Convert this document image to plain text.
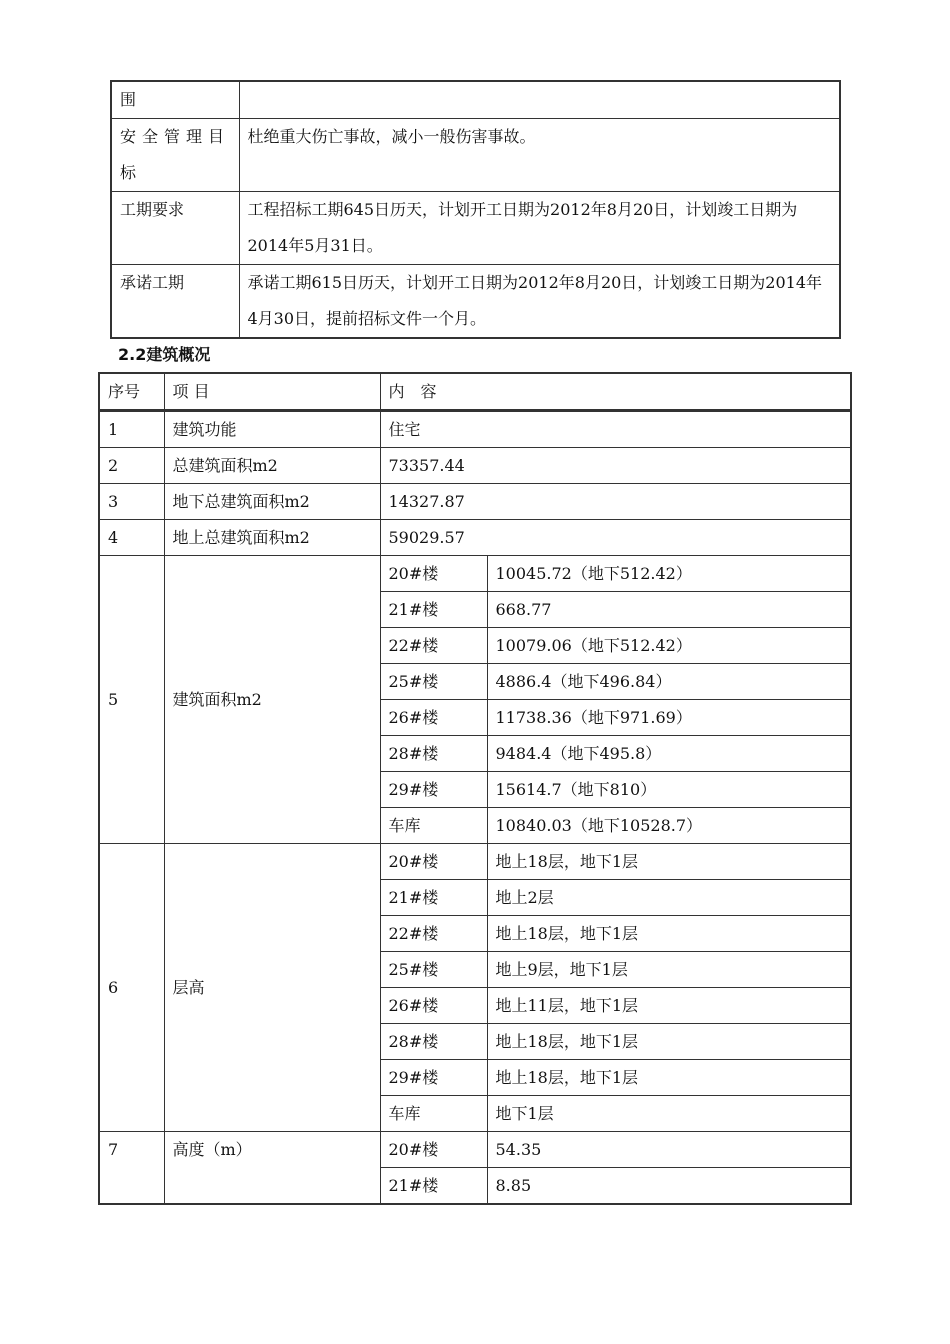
围	
安全管理目标	杜绝重大伤亡事故，减小一般伤害事故。
工期要求	工程招标工期645日历天，计划开工日期为2012年8月20日，计划竣工日期为2014年5月31日。
承诺工期	承诺工期615日历天，计划开工日期为2012年8月20日，计划竣工日期为2014年4月30日，提前招标文件一个月。
2.2建筑概况
序号	项 目	内　容	
1	建筑功能	住宅	
2	总建筑面积m2	73357.44	
3	地下总建筑面积m2	14327.87	
4	地上总建筑面积m2	59029.57	
5	建筑面积m2	20#楼	10045.72（地下512.42）
		21#楼	668.77
		22#楼	10079.06（地下512.42）
		25#楼	4886.4（地下496.84）
		26#楼	11738.36（地下971.69）
		28#楼	9484.4（地下495.8）
		29#楼	15614.7（地下810）
		车库	10840.03（地下10528.7）
6	层高	20#楼	地上18层，地下1层
		21#楼	地上2层
		22#楼	地上18层，地下1层
		25#楼	地上9层，地下1层
		26#楼	地上11层，地下1层
		28#楼	地上18层，地下1层
		29#楼	地上18层，地下1层
		车库	地下1层
7	高度（m）	20#楼	54.35
		21#楼	8.85
